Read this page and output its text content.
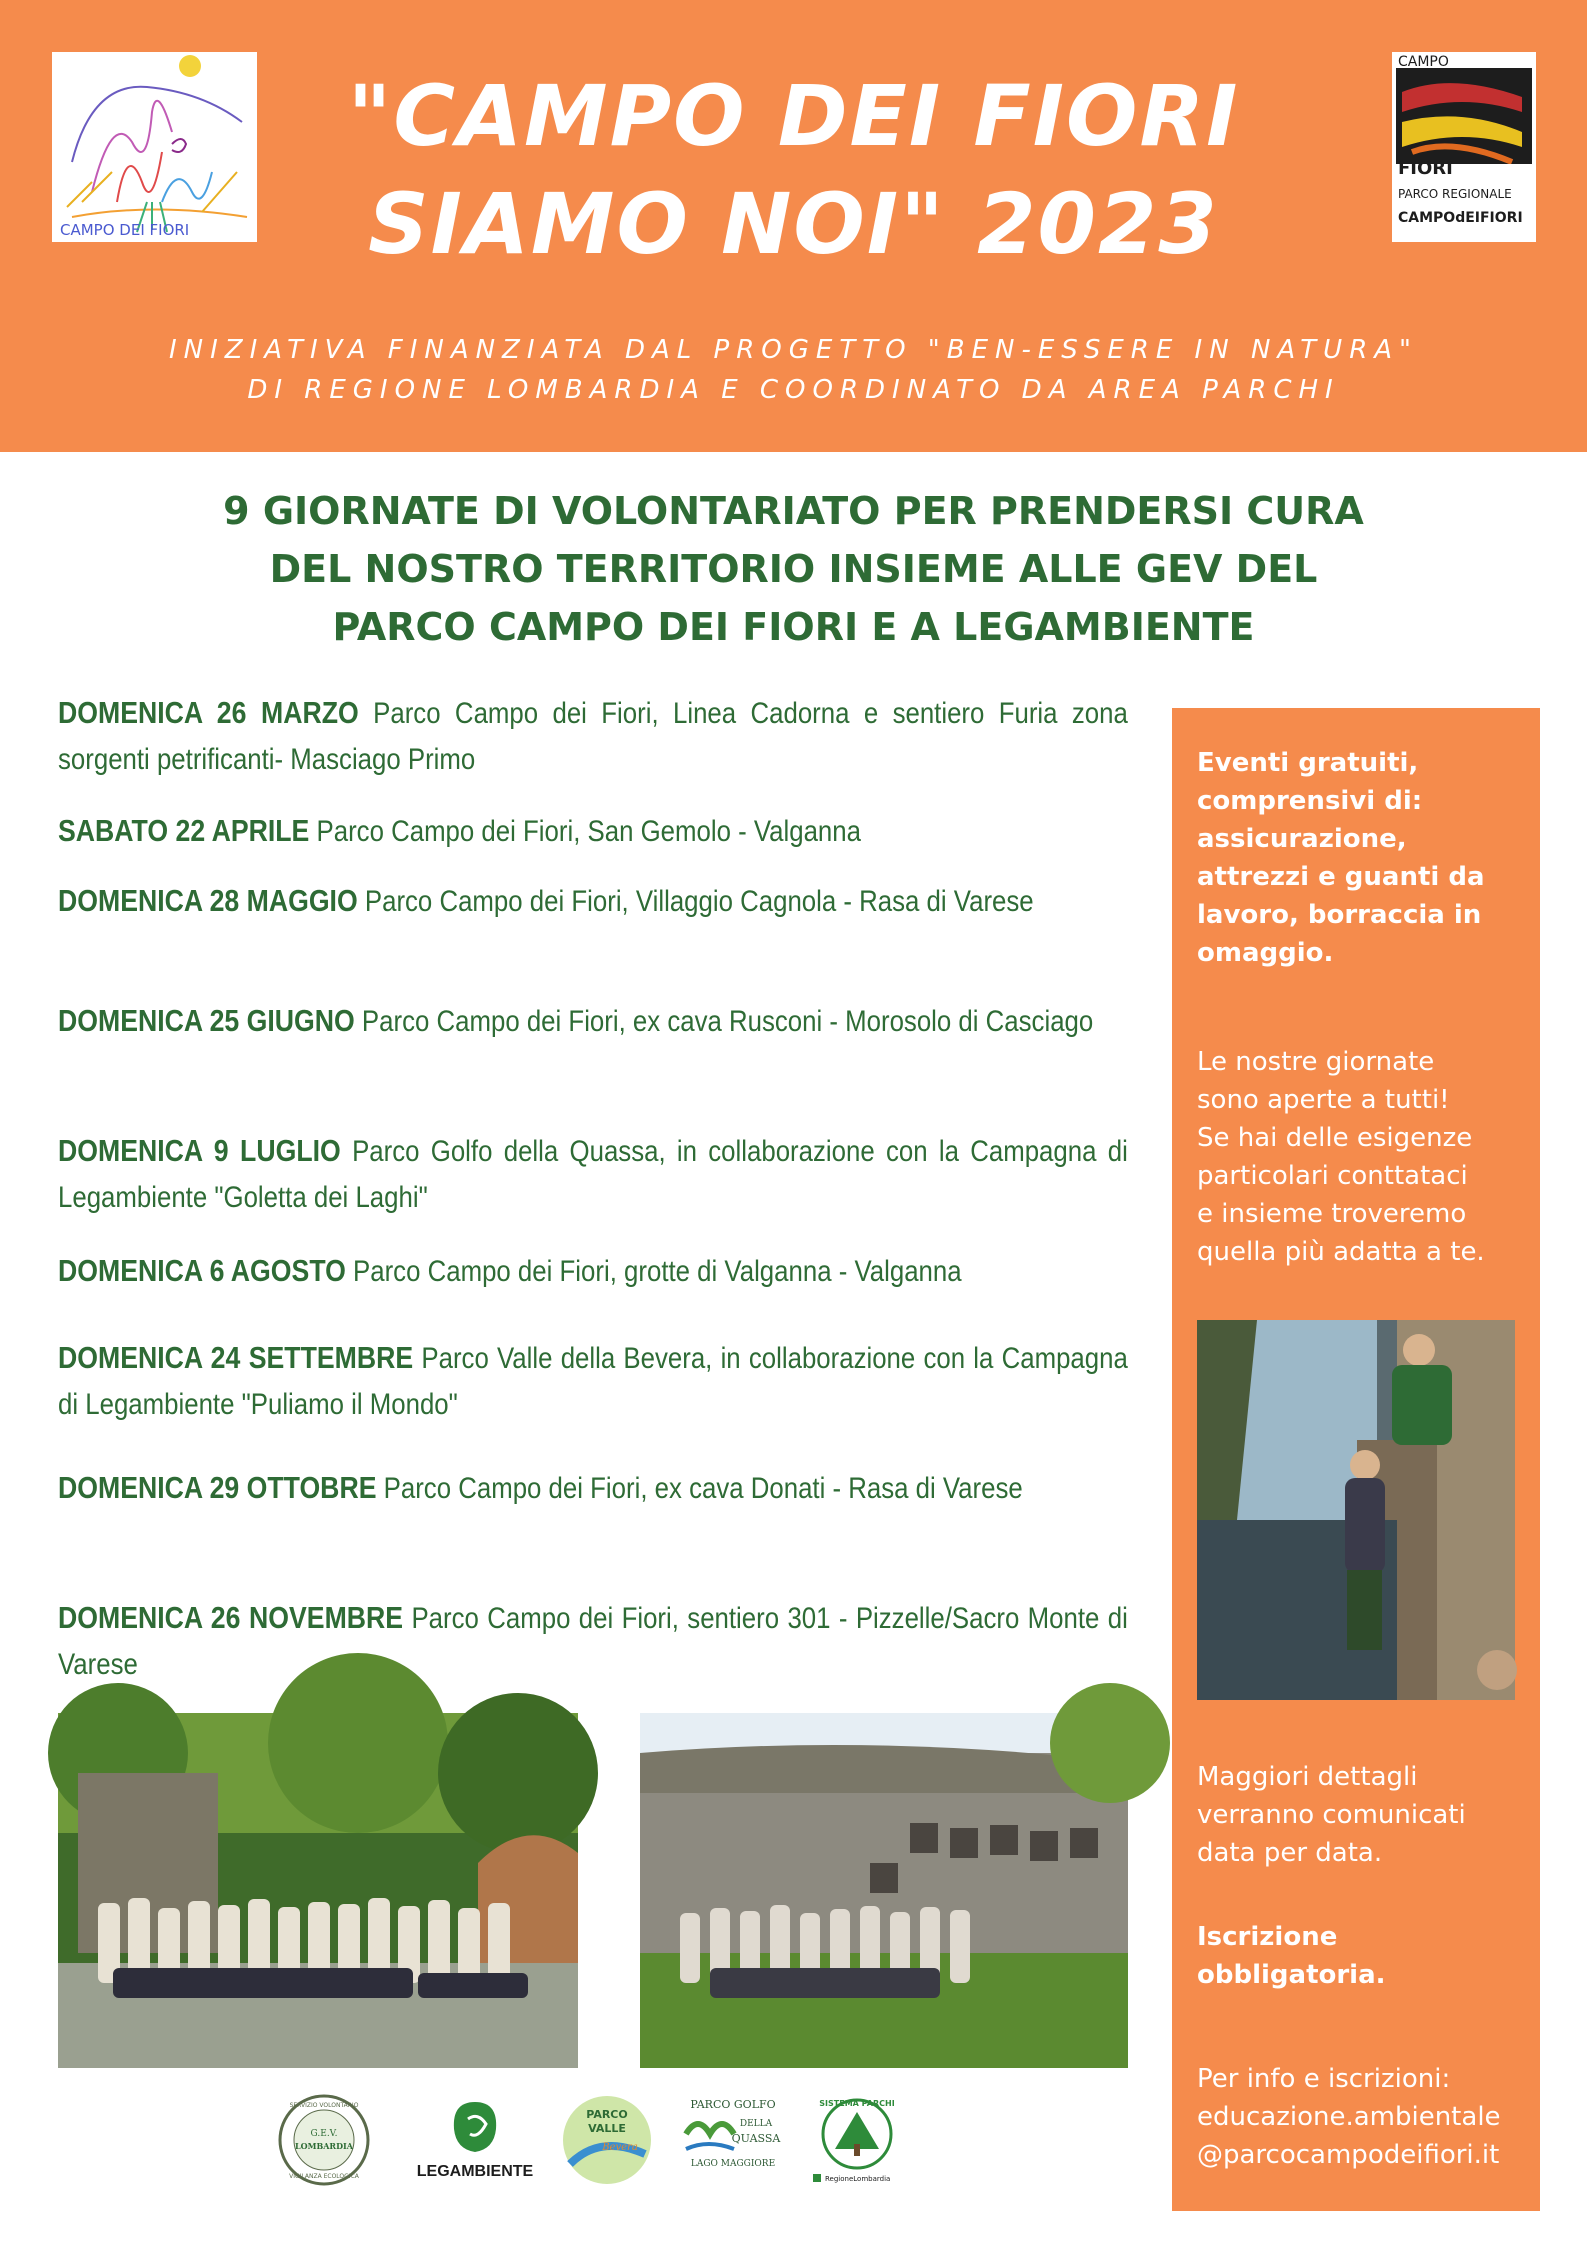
CAMPO DEI FIORI
"CAMPO DEI FIORI
SIAMO NOI" 2023
CAMPO
FIORI
PARCO REGIONALE
CAMPOdEIFIORI
CAMPO DEI FIORI PARCO REGIONALE
INIZIATIVA FINANZIATA DAL PROGETTO "BEN-ESSERE IN NATURA"
DI REGIONE LOMBARDIA E COORDINATO DA AREA PARCHI
9 GIORNATE DI VOLONTARIATO PER PRENDERSI CURA
DEL NOSTRO TERRITORIO INSIEME ALLE GEV DEL
PARCO CAMPO DEI FIORI E A LEGAMBIENTE
DOMENICA 26 MARZO Parco Campo dei Fiori, Linea Cadorna e sentiero Furia zona sorgenti petrificanti- Masciago Primo
SABATO 22 APRILE Parco Campo dei Fiori, San Gemolo - Valganna
DOMENICA 28 MAGGIO Parco Campo dei Fiori, Villaggio Cagnola - Rasa di Varese
DOMENICA 25 GIUGNO Parco Campo dei Fiori, ex cava Rusconi - Morosolo di Casciago
DOMENICA 9 LUGLIO Parco Golfo della Quassa, in collaborazione con la Campagna di Legambiente "Goletta dei Laghi"
DOMENICA 6 AGOSTO Parco Campo dei Fiori, grotte di Valganna - Valganna
DOMENICA 24 SETTEMBRE Parco Valle della Bevera, in collaborazione con la Campagna di Legambiente "Puliamo il Mondo"
DOMENICA 29 OTTOBRE Parco Campo dei Fiori, ex cava Donati - Rasa di Varese
DOMENICA 26 NOVEMBRE Parco Campo dei Fiori, sentiero 301 - Pizzelle/Sacro Monte di Varese
SERVIZIO VOLONTARIO
G.E.V.
LOMBARDIA
VIGILANZA ECOLOGICA	LEGAMBIENTE
PARCO
VALLE
Bevera
PARCO GOLFO
DELLA
QUASSA
LAGO MAGGIORE
SISTEMA PARCHI
RegioneLombardia
Eventi gratuiti,
comprensivi di:
assicurazione,
attrezzi e guanti da
lavoro, borraccia in
omaggio.
Le nostre giornate
sono aperte a tutti!
Se hai delle esigenze
particolari conttataci
e insieme troveremo
quella più adatta a te.
Maggiori dettagli
verranno comunicati
data per data.
Iscrizione
obbligatoria.
Per info e iscrizioni:
educazione.ambientale
@parcocampodeifiori.it
